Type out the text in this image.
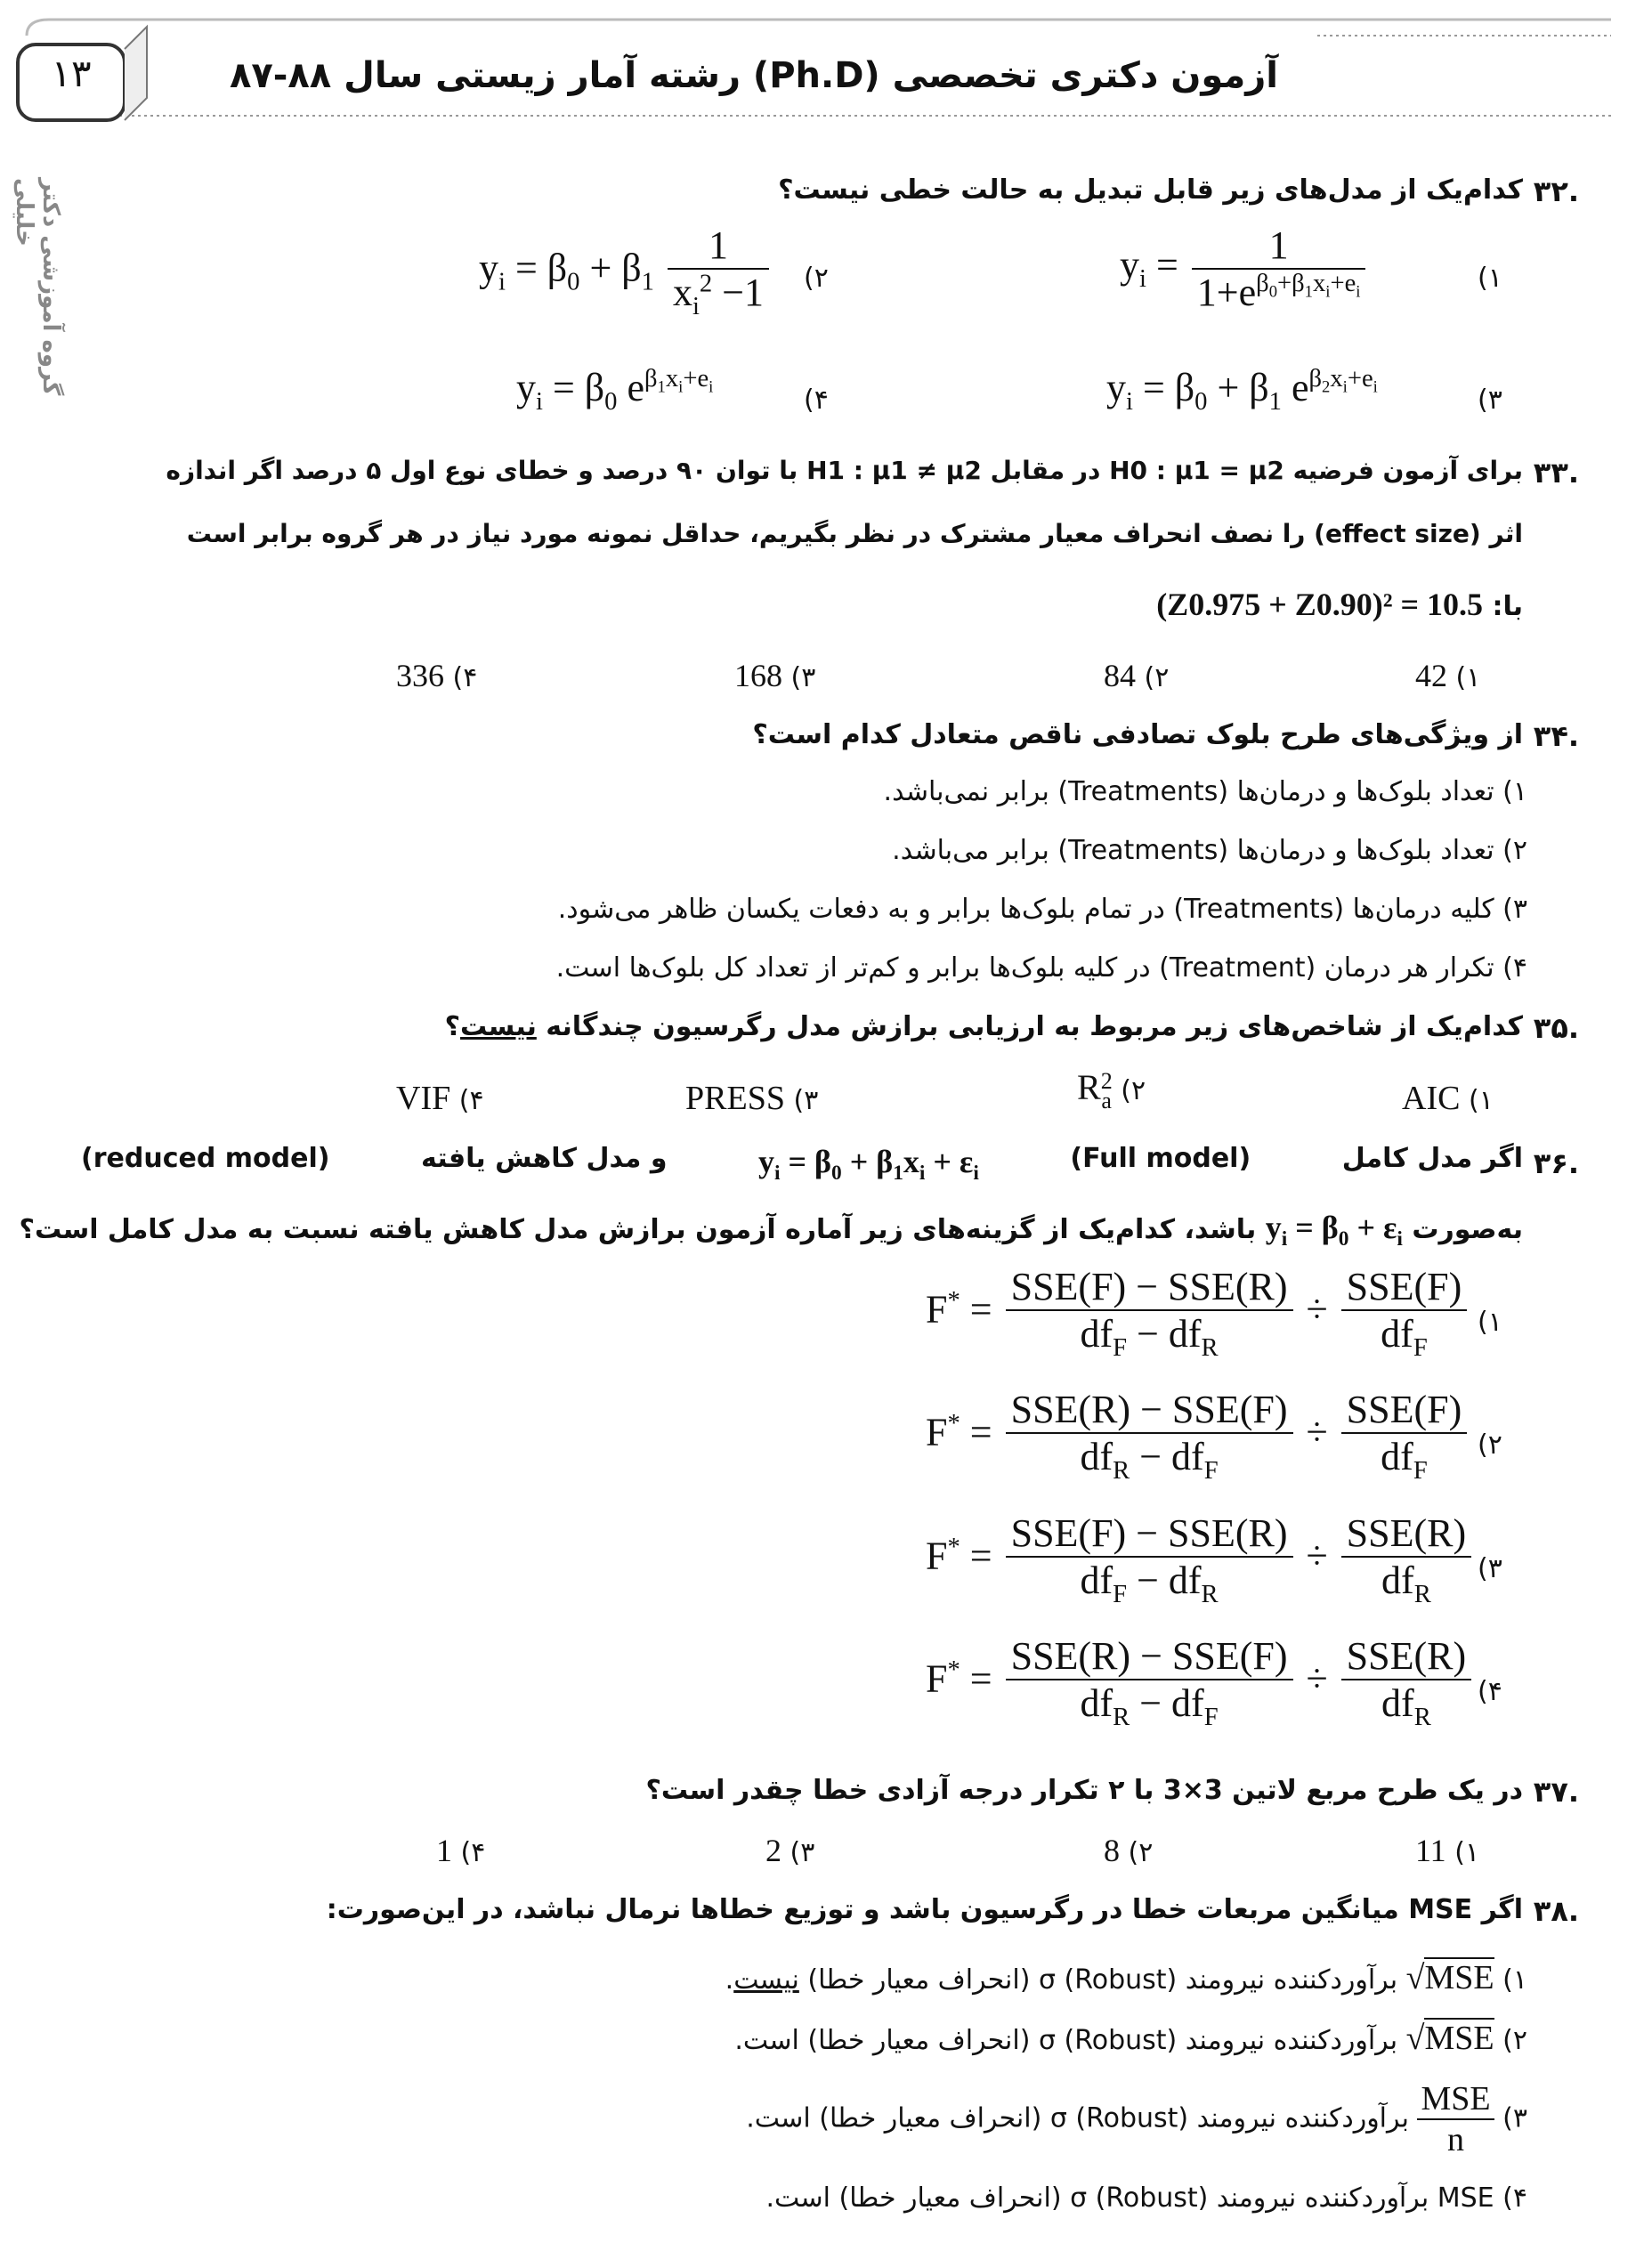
۱۳	آزمون دکتری تخصصی (Ph.D) رشته آمار زیستی سال ۸۸-۸۷
گروه آموزشی دکتر خلیلی	۳۲.
کدام‌یک از مدل‌های زیر قابل تبدیل به حالت خطی نیست؟
۱)
$y_i = \frac{1}{1+e^{\beta_0+\beta_1x_i+e_i}}$
۲)
$y_i = \beta_0 + \beta_1 \frac{1}{x_i^2 -1}$
۳)
$y_i = \beta_0 + \beta_1$ $e^{\beta_2x_i+e_i}$
۴)
$y_i = \beta_0$ $e^{\beta_1x_i+e_i}$
۳۳.
برای آزمون فرضیه H0 : μ1 = μ2 در مقابل H1 : μ1 ≠ μ2 با توان ۹۰ درصد و خطای نوع اول ۵ درصد اگر اندازه
اثر (effect size) را نصف انحراف معیار مشترک در نظر بگیریم، حداقل نمونه مورد نیاز در هر گروه برابر است
با: (Z0.975 + Z0.90)² = 10.5
۱) 42
۲) 84
۳) 168
۴) 336
۳۴.
از ویژگی‌های طرح بلوک تصادفی ناقص متعادل کدام است؟
۱) تعداد بلوک‌ها و درمان‌ها (Treatments) برابر نمی‌باشد.
۲) تعداد بلوک‌ها و درمان‌ها (Treatments) برابر می‌باشد.
۳) کلیه درمان‌ها (Treatments) در تمام بلوک‌ها برابر و به دفعات یکسان ظاهر می‌شود.
۴) تکرار هر درمان (Treatment) در کلیه بلوک‌ها برابر و کم‌تر از تعداد کل بلوک‌ها است.
۳۵.
کدام‌یک از شاخص‌های زیر مربوط به ارزیابی برازش مدل رگرسیون چندگانه نیست؟
۱) AIC
۲) R2
a
۳) PRESS
۴) VIF
۳۶.
اگر مدل کامل
(Full model)
$y_i = \beta_0 + \beta_1x_i + \varepsilon_i$
و مدل کاهش یافته
(reduced model)
به‌صورت $y_i = \beta_0 + \varepsilon_i$ باشد، کدام‌یک از گزینه‌های زیر آماره آزمون برازش مدل کاهش یافته نسبت به مدل کامل است؟
۱)
$F^* = \frac{\text{SSE(F) − SSE(R)}}{df_F - df_R} \div \frac{\text{SSE(F)}}{df_F}$
۲)
$F^* = \frac{\text{SSE(R) − SSE(F)}}{df_R - df_F} \div \frac{\text{SSE(F)}}{df_F}$
۳)
$F^* = \frac{\text{SSE(F) − SSE(R)}}{df_F - df_R} \div \frac{\text{SSE(R)}}{df_R}$
۴)
$F^* = \frac{\text{SSE(R) − SSE(F)}}{df_R - df_F} \div \frac{\text{SSE(R)}}{df_R}$
۳۷.
در یک طرح مربع لاتین 3×3 با ۲ تکرار درجه آزادی خطا چقدر است؟
۱) 11
۲) 8
۳) 2
۴) 1
۳۸.
اگر MSE میانگین مربعات خطا در رگرسیون باشد و توزیع خطاها نرمال نباشد، در این‌صورت:
۱) √MSE برآوردکننده نیرومند (Robust) σ (انحراف معیار خطا) نیست.
۲) √MSE برآوردکننده نیرومند (Robust) σ (انحراف معیار خطا) است.
۳)
MSE
n
برآوردکننده نیرومند (Robust) σ (انحراف معیار خطا) است.
۴) MSE برآوردکننده نیرومند (Robust) σ (انحراف معیار خطا) است.
